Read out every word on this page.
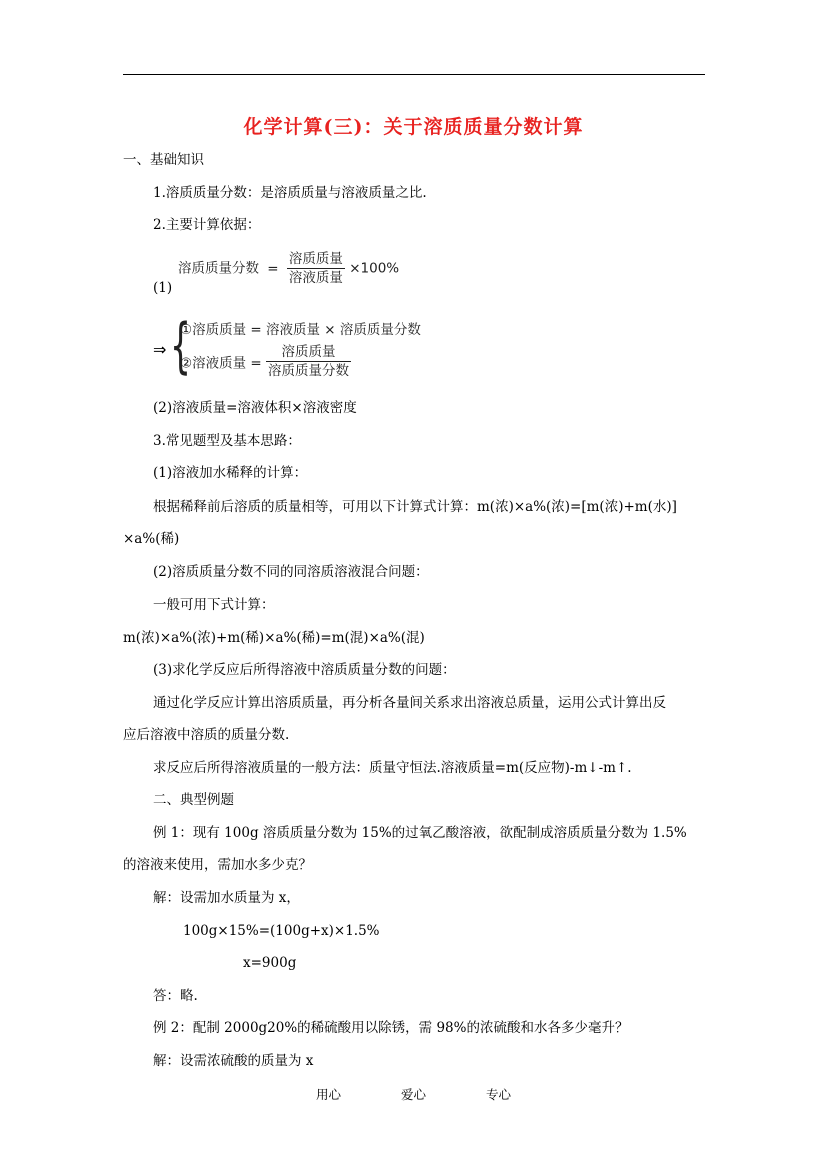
化学计算(三)：关于溶质质量分数计算
一、基础知识
1.溶质质量分数：是溶质质量与溶液质量之比.
2.主要计算依据：
溶质质量分数 = $\frac{\text{溶质质量}}{\text{溶液质量}} \times 100\%$
(1)
⇒ {
①溶质质量 = 溶液质量 × 溶质质量分数
②溶液质量 = $\frac{\text{溶质质量}}{\text{溶质质量分数}}$
(2)溶液质量=溶液体积×溶液密度
3.常见题型及基本思路：
(1)溶液加水稀释的计算：
根据稀释前后溶质的质量相等，可用以下计算式计算：m(浓)×a%(浓)=[m(浓)+m(水)]
×a%(稀)
(2)溶质质量分数不同的同溶质溶液混合问题：
一般可用下式计算：
m(浓)×a%(浓)+m(稀)×a%(稀)=m(混)×a%(混)
(3)求化学反应后所得溶液中溶质质量分数的问题：
通过化学反应计算出溶质质量，再分析各量间关系求出溶液总质量，运用公式计算出反
应后溶液中溶质的质量分数.
求反应后所得溶液质量的一般方法：质量守恒法.溶液质量=m(反应物)-m↓-m↑.
二、典型例题
例 1：现有 100g 溶质质量分数为 15%的过氧乙酸溶液，欲配制成溶质质量分数为 1.5%
的溶液来使用，需加水多少克？
解：设需加水质量为 x，
100g×15%=(100g+x)×1.5%
x=900g
答：略.
例 2：配制 2000g20%的稀硫酸用以除锈，需 98%的浓硫酸和水各多少毫升？
解：设需浓硫酸的质量为 x
用心	爱心	专心
